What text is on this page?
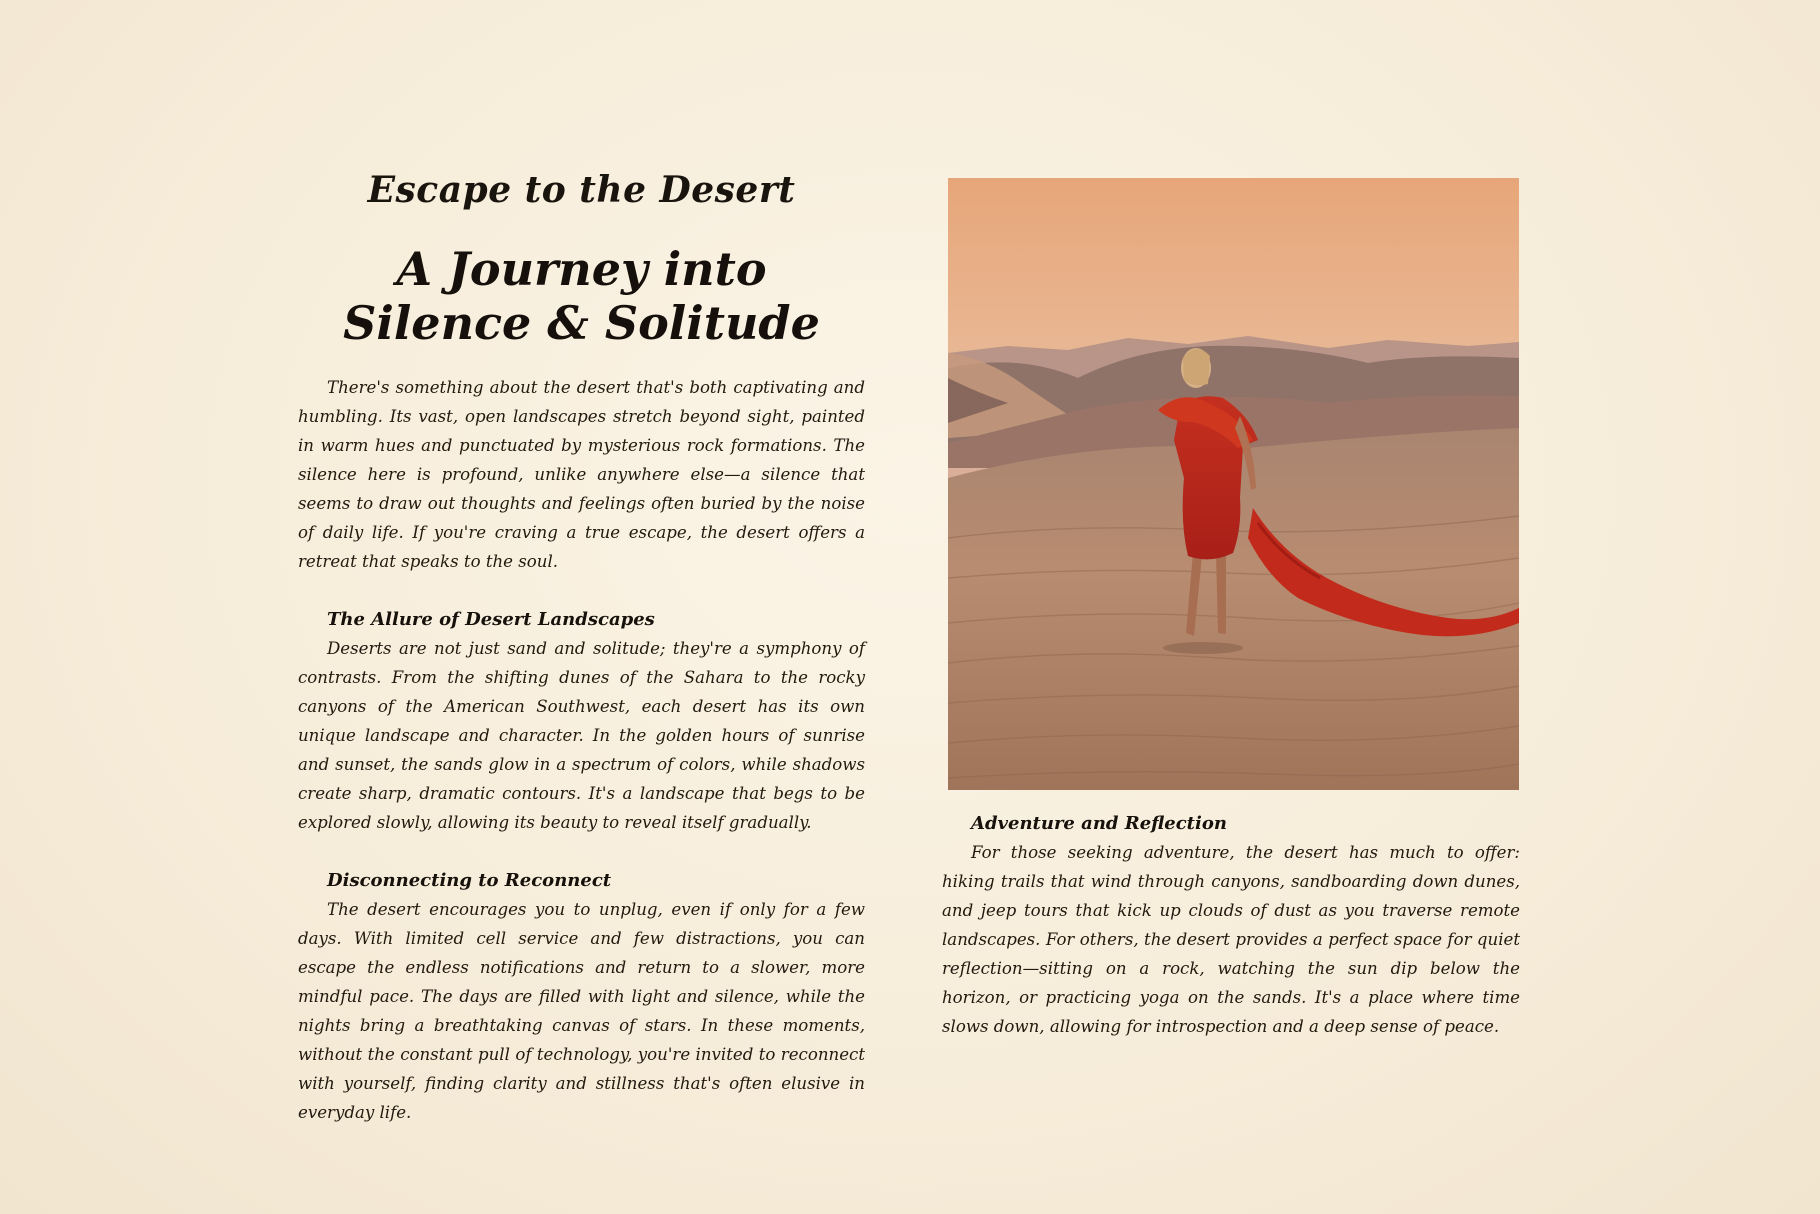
Escape to the Desert
A Journey into Silence & Solitude

There's something about the desert that's both captivating and humbling. Its vast, open landscapes stretch beyond sight, painted in warm hues and punctuated by mysterious rock formations. The silence here is profound, unlike anywhere else—a silence that seems to draw out thoughts and feelings often buried by the noise of daily life. If you're craving a true escape, the desert offers a retreat that speaks to the soul.

The Allure of Desert Landscapes

Deserts are not just sand and solitude; they're a symphony of contrasts. From the shifting dunes of the Sahara to the rocky canyons of the American Southwest, each desert has its own unique landscape and character. In the golden hours of sunrise and sunset, the sands glow in a spectrum of colors, while shadows create sharp, dramatic contours. It's a landscape that begs to be explored slowly, allowing its beauty to reveal itself gradually.

Disconnecting to Reconnect

The desert encourages you to unplug, even if only for a few days. With limited cell service and few distractions, you can escape the endless notifications and return to a slower, more mindful pace. The days are filled with light and silence, while the nights bring a breathtaking canvas of stars. In these moments, without the constant pull of technology, you're invited to reconnect with yourself, finding clarity and stillness that's often elusive in everyday life.

Adventure and Reflection

For those seeking adventure, the desert has much to offer: hiking trails that wind through canyons, sandboarding down dunes, and jeep tours that kick up clouds of dust as you traverse remote landscapes. For others, the desert provides a perfect space for quiet reflection—sitting on a rock, watching the sun dip below the horizon, or practicing yoga on the sands. It's a place where time slows down, allowing for introspection and a deep sense of peace.
